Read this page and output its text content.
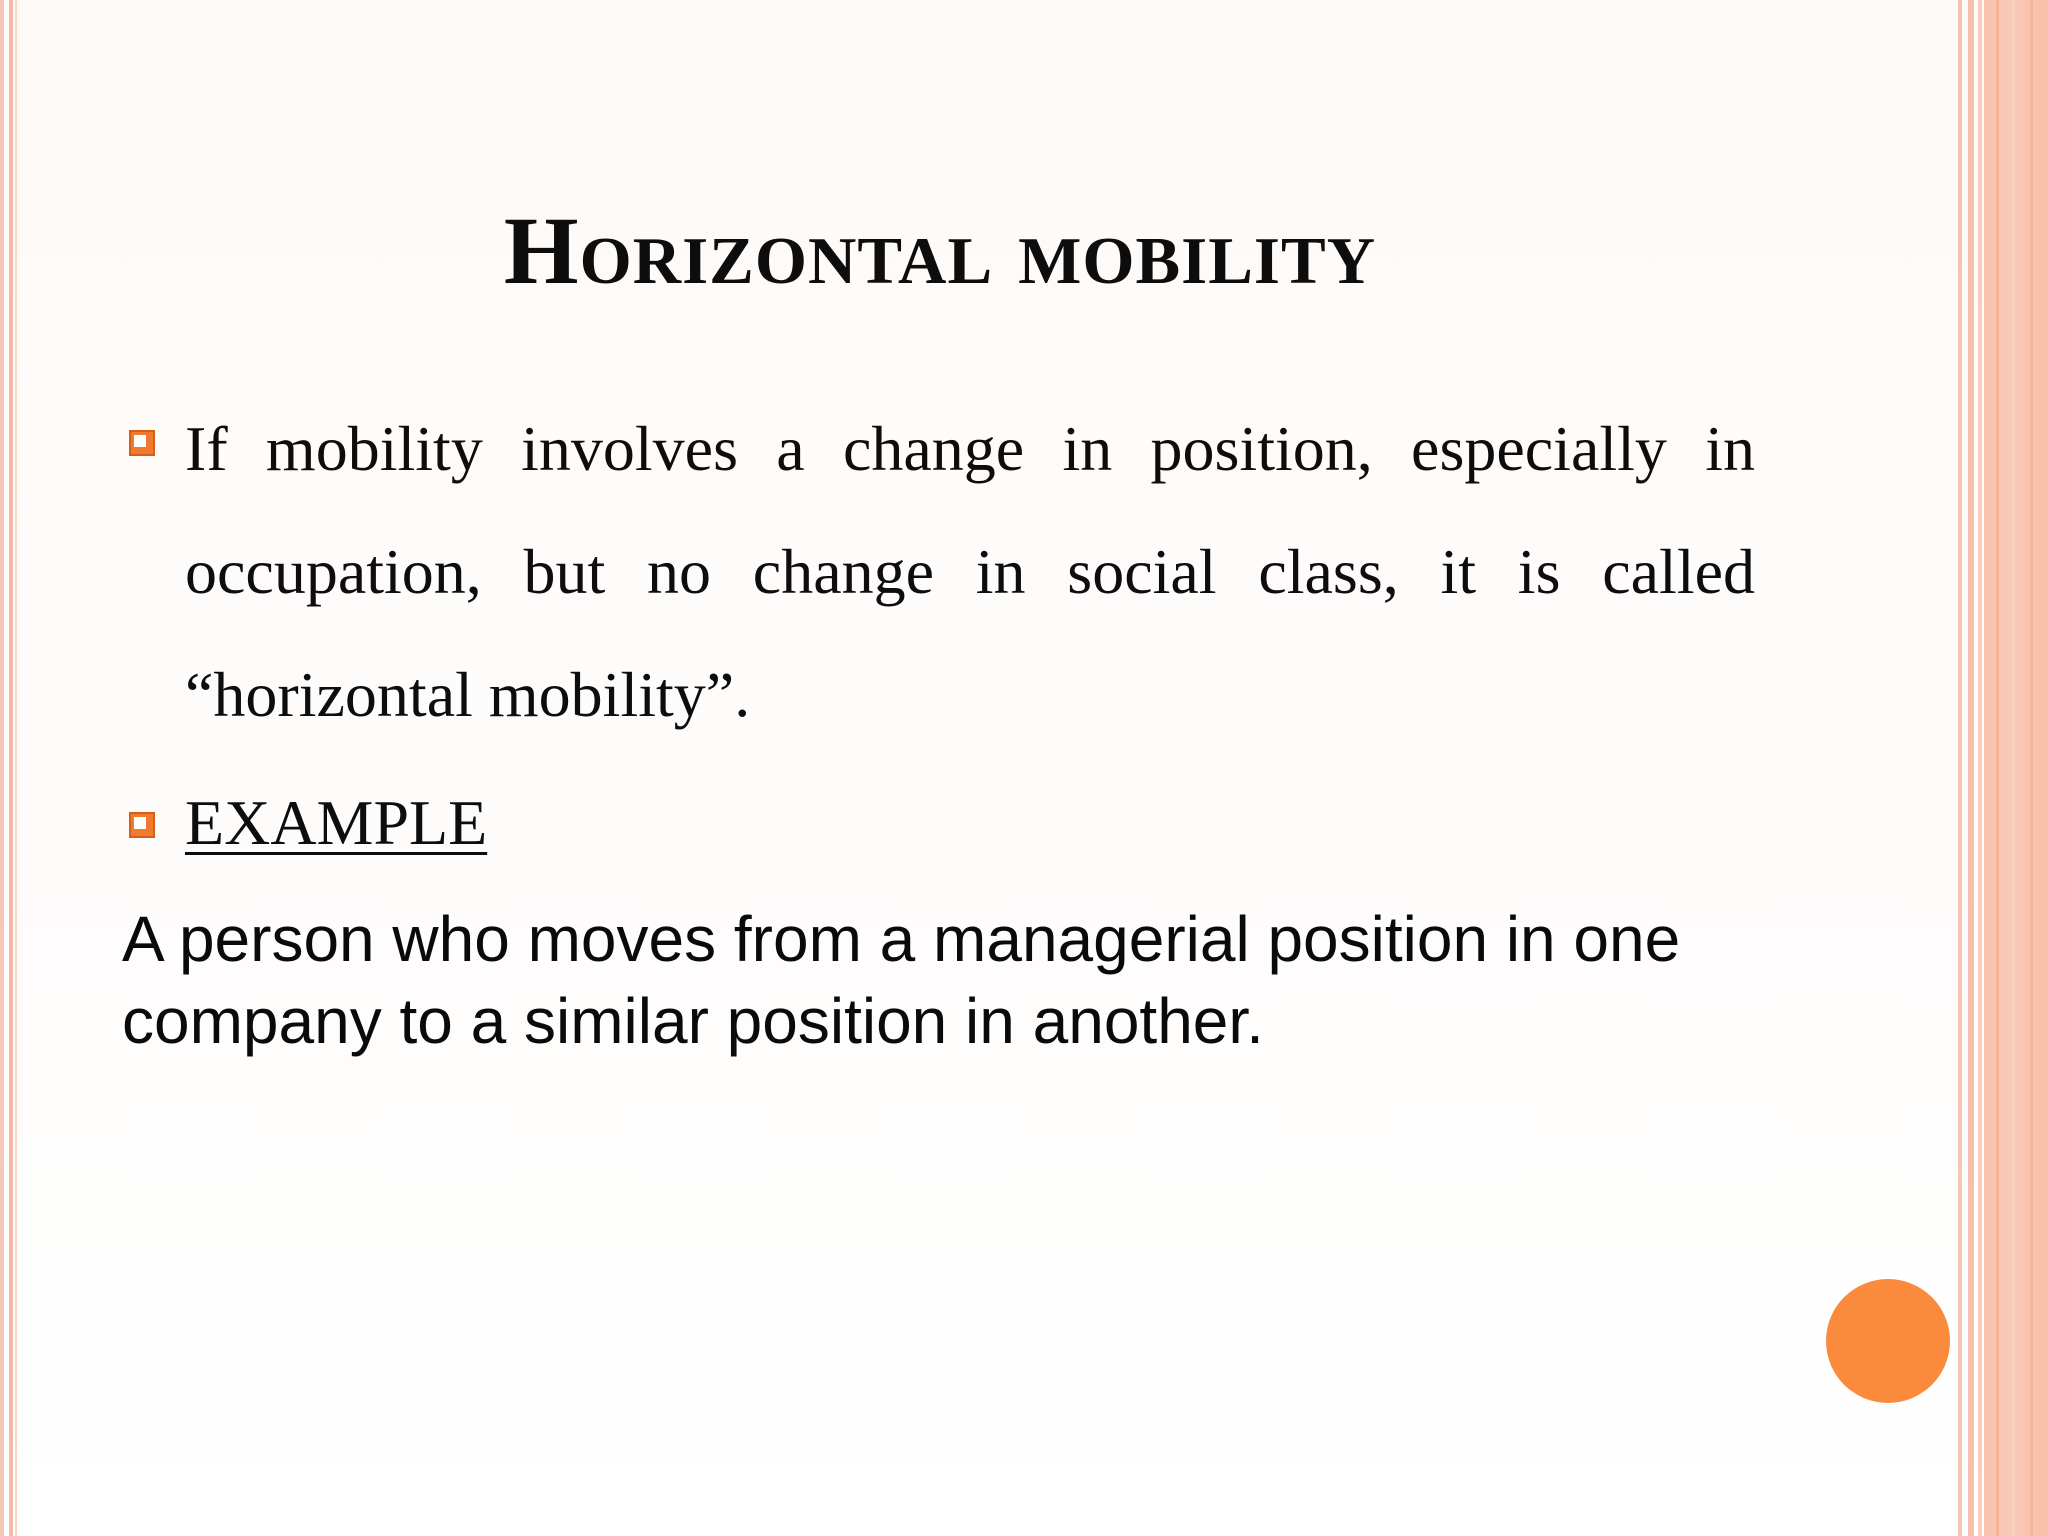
Horizontal mobility
If mobility involves a change in position, especially in occupation, but no change in social class, it is called “horizontal mobility”.
EXAMPLE
A person who moves from a managerial position in one company to a similar position in another.
